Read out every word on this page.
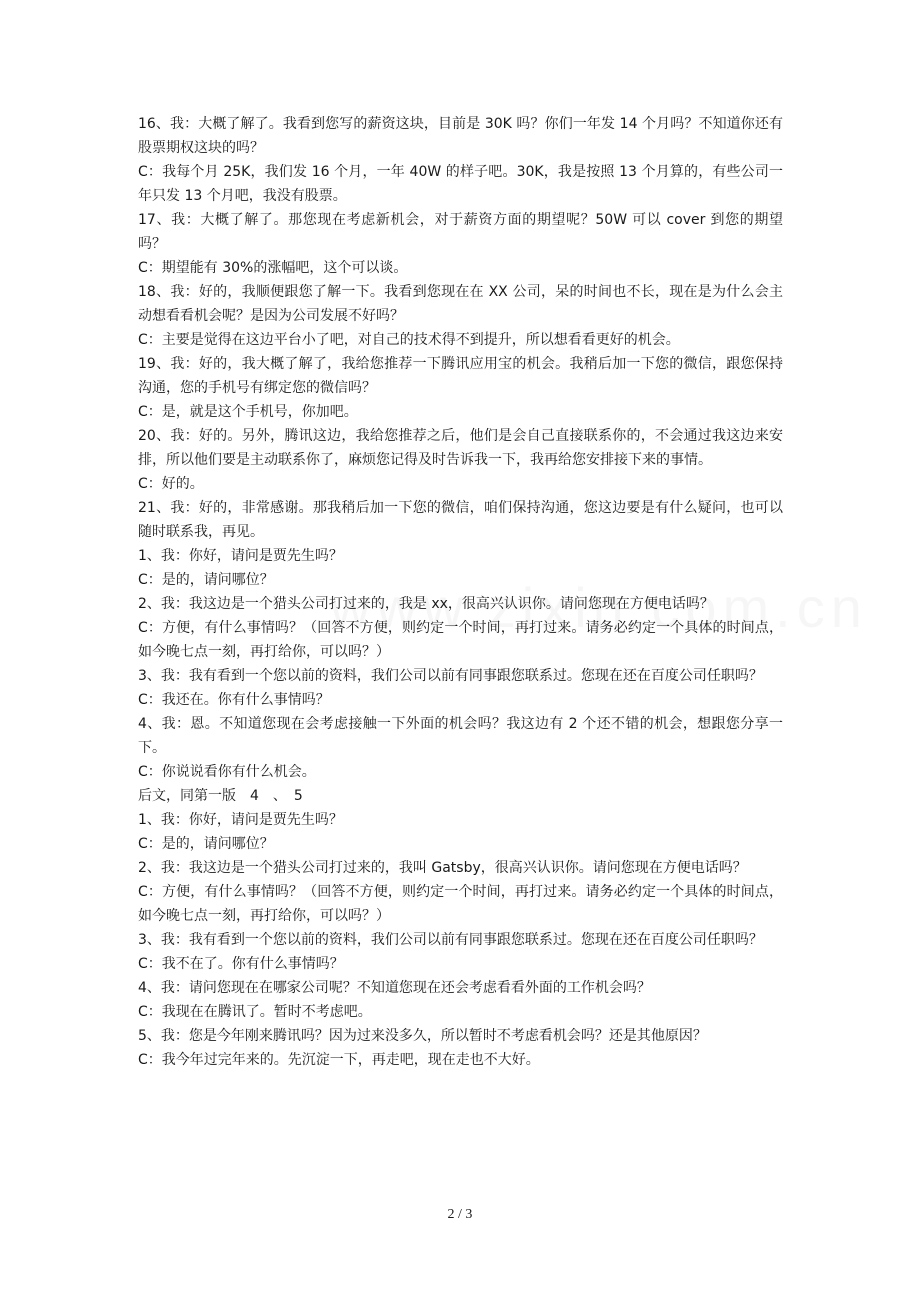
16、我：大概了解了。我看到您写的薪资这块，目前是 30K 吗？你们一年发 14 个月吗？不知道你还有股票期权这块的吗？

C：我每个月 25K，我们发 16 个月，一年 40W 的样子吧。30K，我是按照 13 个月算的，有些公司一年只发 13 个月吧，我没有股票。

17、我：大概了解了。那您现在考虑新机会，对于薪资方面的期望呢？50W 可以 cover 到您的期望吗？

C：期望能有 30%的涨幅吧，这个可以谈。

18、我：好的，我顺便跟您了解一下。我看到您现在在 XX 公司，呆的时间也不长，现在是为什么会主动想看看机会呢？是因为公司发展不好吗？

C：主要是觉得在这边平台小了吧，对自己的技术得不到提升，所以想看看更好的机会。

19、我：好的，我大概了解了，我给您推荐一下腾讯应用宝的机会。我稍后加一下您的微信，跟您保持沟通，您的手机号有绑定您的微信吗？

C：是，就是这个手机号，你加吧。

20、我：好的。另外，腾讯这边，我给您推荐之后，他们是会自己直接联系你的，不会通过我这边来安排，所以他们要是主动联系你了，麻烦您记得及时告诉我一下，我再给您安排接下来的事情。

C：好的。

21、我：好的，非常感谢。那我稍后加一下您的微信，咱们保持沟通，您这边要是有什么疑问，也可以随时联系我，再见。

1、我：你好，请问是贾先生吗？

C：是的，请问哪位？

2、我：我这边是一个猎头公司打过来的，我是 xx，很高兴认识你。请问您现在方便电话吗？

C：方便，有什么事情吗？（回答不方便，则约定一个时间，再打过来。请务必约定一个具体的时间点，如今晚七点一刻，再打给你，可以吗？）

3、我：我有看到一个您以前的资料，我们公司以前有同事跟您联系过。您现在还在百度公司任职吗？

C：我还在。你有什么事情吗？

4、我：恩。不知道您现在会考虑接触一下外面的机会吗？我这边有 2 个还不错的机会，想跟您分享一下。

C：你说说看你有什么机会。

后文，同第一版　4　、　5

1、我：你好，请问是贾先生吗？

C：是的，请问哪位？

2、我：我这边是一个猎头公司打过来的，我叫 Gatsby，很高兴认识你。请问您现在方便电话吗？

C：方便，有什么事情吗？（回答不方便，则约定一个时间，再打过来。请务必约定一个具体的时间点，如今晚七点一刻，再打给你，可以吗？）

3、我：我有看到一个您以前的资料，我们公司以前有同事跟您联系过。您现在还在百度公司任职吗？

C：我不在了。你有什么事情吗？

4、我：请问您现在在哪家公司呢？不知道您现在还会考虑看看外面的工作机会吗？

C：我现在在腾讯了。暂时不考虑吧。

5、我：您是今年刚来腾讯吗？因为过来没多久，所以暂时不考虑看机会吗？还是其他原因？

C：我今年过完年来的。先沉淀一下，再走吧，现在走也不大好。

2 / 3
